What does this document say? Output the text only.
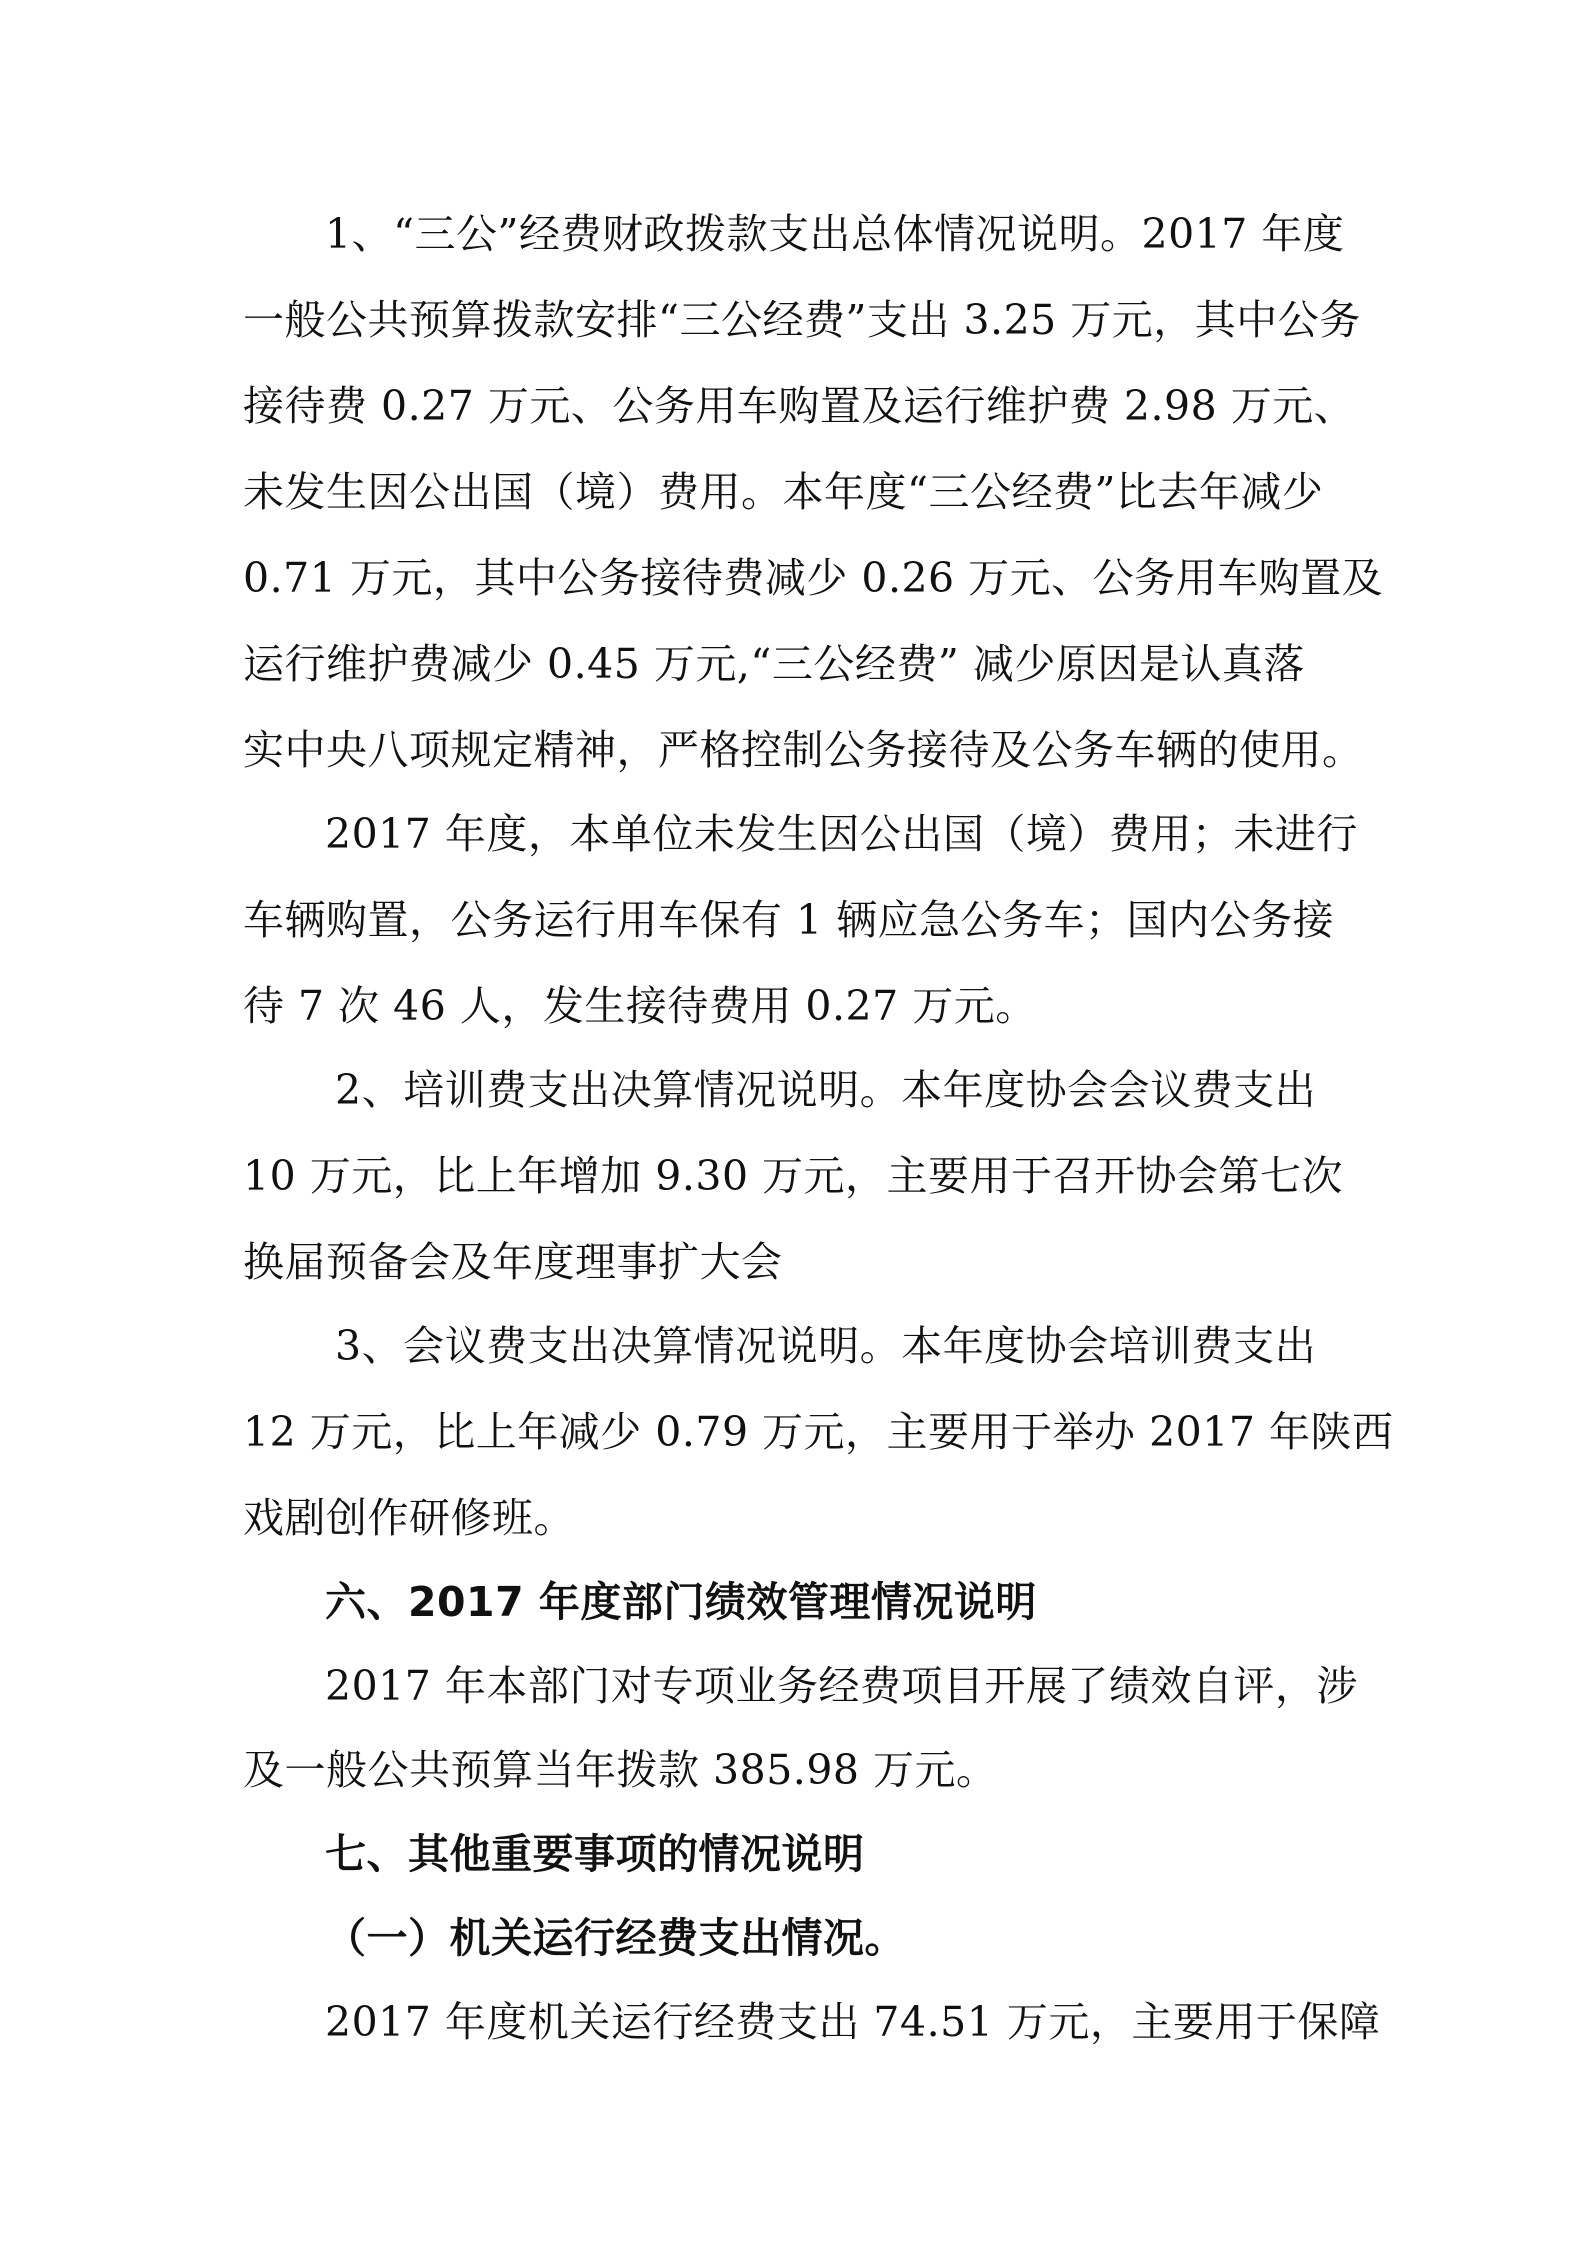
1、“三公”经费财政拨款支出总体情况说明。2017 年度
一般公共预算拨款安排“三公经费”支出 3.25 万元，其中公务
接待费 0.27 万元、公务用车购置及运行维护费 2.98 万元、
未发生因公出国（境）费用。本年度“三公经费”比去年减少
0.71 万元，其中公务接待费减少 0.26 万元、公务用车购置及
运行维护费减少 0.45 万元,“三公经费” 减少原因是认真落
实中央八项规定精神，严格控制公务接待及公务车辆的使用。
2017 年度，本单位未发生因公出国（境）费用；未进行
车辆购置，公务运行用车保有 1 辆应急公务车；国内公务接
待 7 次 46 人，发生接待费用 0.27 万元。
2、培训费支出决算情况说明。本年度协会会议费支出
10 万元，比上年增加 9.30 万元，主要用于召开协会第七次
换届预备会及年度理事扩大会
3、会议费支出决算情况说明。本年度协会培训费支出
12 万元，比上年减少 0.79 万元，主要用于举办 2017 年陕西
戏剧创作研修班。
六、2017 年度部门绩效管理情况说明
2017 年本部门对专项业务经费项目开展了绩效自评，涉
及一般公共预算当年拨款 385.98 万元。
七、其他重要事项的情况说明
（一）机关运行经费支出情况。
2017 年度机关运行经费支出 74.51 万元，主要用于保障
